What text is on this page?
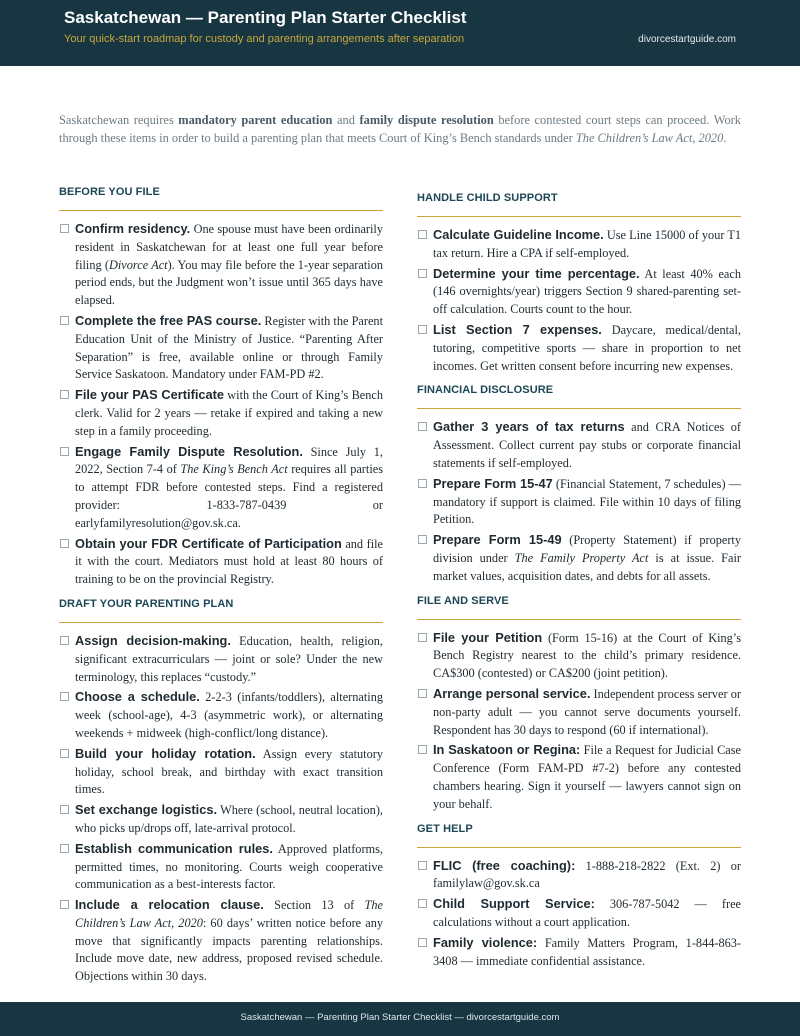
Saskatchewan — Parenting Plan Starter Checklist
Your quick-start roadmap for custody and parenting arrangements after separation	divorcestartguide.com

Saskatchewan requires mandatory parent education and family dispute resolution before contested court steps can proceed. Work through these items in order to build a parenting plan that meets Court of King’s Bench standards under The Children’s Law Act, 2020.

BEFORE YOU FILE
Confirm residency. One spouse must have been ordinarily resident in Saskatchewan for at least one full year before filing (Divorce Act). You may file before the 1-year separation period ends, but the Judgment won’t issue until 365 days have elapsed.
Complete the free PAS course. Register with the Parent Education Unit of the Ministry of Justice. “Parenting After Separation” is free, available online or through Family Service Saskatoon. Mandatory under FAM-PD #2.
File your PAS Certificate with the Court of King’s Bench clerk. Valid for 2 years — retake if expired and taking a new step in a family proceeding.
Engage Family Dispute Resolution. Since July 1, 2022, Section 7-4 of The King’s Bench Act requires all parties to attempt FDR before contested steps. Find a registered provider: 1-833-787-0439 or earlyfamilyresolution@gov.sk.ca.
Obtain your FDR Certificate of Participation and file it with the court. Mediators must hold at least 80 hours of training to be on the provincial Registry.
DRAFT YOUR PARENTING PLAN
Assign decision-making. Education, health, religion, significant extracurriculars — joint or sole? Under the new terminology, this replaces “custody.”
Choose a schedule. 2-2-3 (infants/toddlers), alternating week (school-age), 4-3 (asymmetric work), or alternating weekends + midweek (high-conflict/long distance).
Build your holiday rotation. Assign every statutory holiday, school break, and birthday with exact transition times.
Set exchange logistics. Where (school, neutral location), who picks up/drops off, late-arrival protocol.
Establish communication rules. Approved platforms, permitted times, no monitoring. Courts weigh cooperative communication as a best-interests factor.
Include a relocation clause. Section 13 of The Children’s Law Act, 2020: 60 days’ written notice before any move that significantly impacts parenting relationships. Include move date, new address, proposed revised schedule. Objections within 30 days.
HANDLE CHILD SUPPORT
Calculate Guideline Income. Use Line 15000 of your T1 tax return. Hire a CPA if self-employed.
Determine your time percentage. At least 40% each (146 overnights/year) triggers Section 9 shared-parenting set-off calculation. Courts count to the hour.
List Section 7 expenses. Daycare, medical/dental, tutoring, competitive sports — share in proportion to net incomes. Get written consent before incurring new expenses.
FINANCIAL DISCLOSURE
Gather 3 years of tax returns and CRA Notices of Assessment. Collect current pay stubs or corporate financial statements if self-employed.
Prepare Form 15-47 (Financial Statement, 7 schedules) — mandatory if support is claimed. File within 10 days of filing Petition.
Prepare Form 15-49 (Property Statement) if property division under The Family Property Act is at issue. Fair market values, acquisition dates, and debts for all assets.
FILE AND SERVE
File your Petition (Form 15-16) at the Court of King’s Bench Registry nearest to the child’s primary residence. CA$300 (contested) or CA$200 (joint petition).
Arrange personal service. Independent process server or non-party adult — you cannot serve documents yourself. Respondent has 30 days to respond (60 if international).
In Saskatoon or Regina: File a Request for Judicial Case Conference (Form FAM-PD #7-2) before any contested chambers hearing. Sign it yourself — lawyers cannot sign on your behalf.
GET HELP
FLIC (free coaching): 1-888-218-2822 (Ext. 2) or familylaw@gov.sk.ca
Child Support Service: 306-787-5042 — free calculations without a court application.
Family violence: Family Matters Program, 1-844-863-3408 — immediate confidential assistance.
Saskatchewan — Parenting Plan Starter Checklist — divorcestartguide.com
